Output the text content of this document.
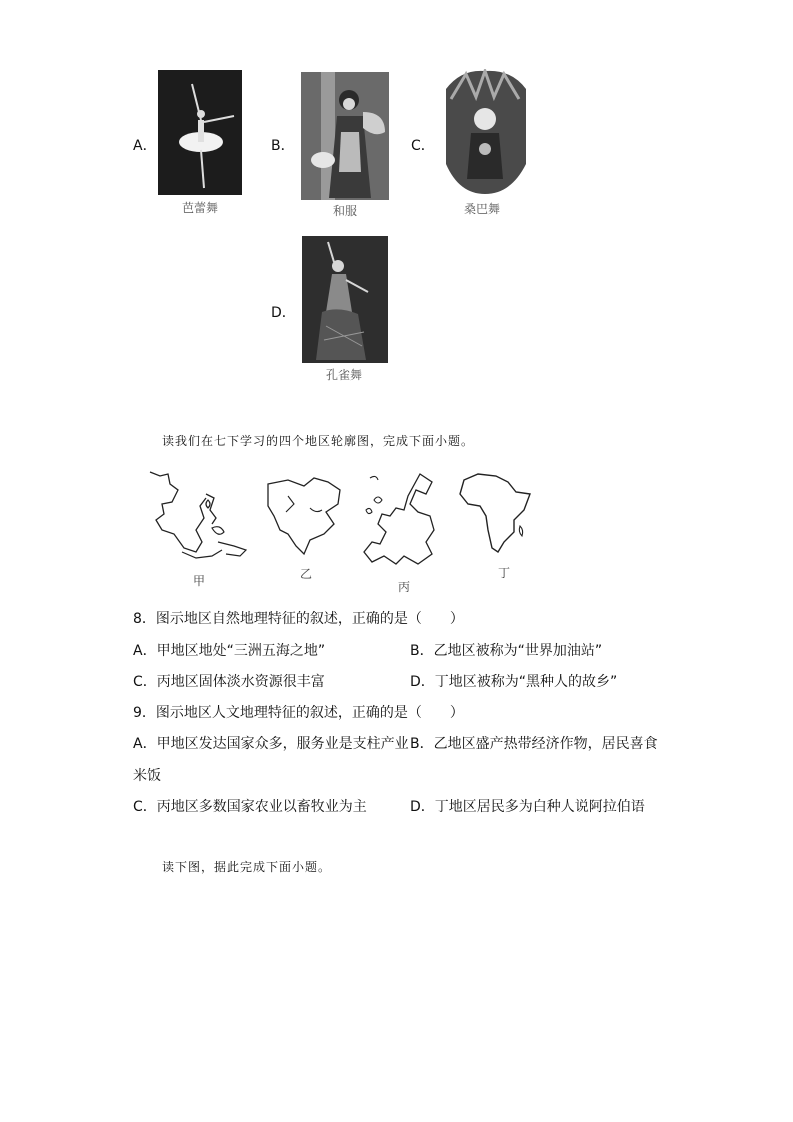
A．
芭蕾舞
B．
和服
C．
桑巴舞
D．
孔雀舞
读我们在七下学习的四个地区轮廓图，完成下面小题。
甲	乙
丙
丁
8．图示地区自然地理特征的叙述，正确的是（　　）
A．甲地区地处“三洲五海之地”	B．乙地区被称为“世界加油站”
C．丙地区固体淡水资源很丰富	D．丁地区被称为“黑种人的故乡”
9．图示地区人文地理特征的叙述，正确的是（　　）
A．甲地区发达国家众多，服务业是支柱产业 B．乙地区盛产热带经济作物，居民喜食
米饭
C．丙地区多数国家农业以畜牧业为主	D．丁地区居民多为白种人说阿拉伯语
读下图，据此完成下面小题。
